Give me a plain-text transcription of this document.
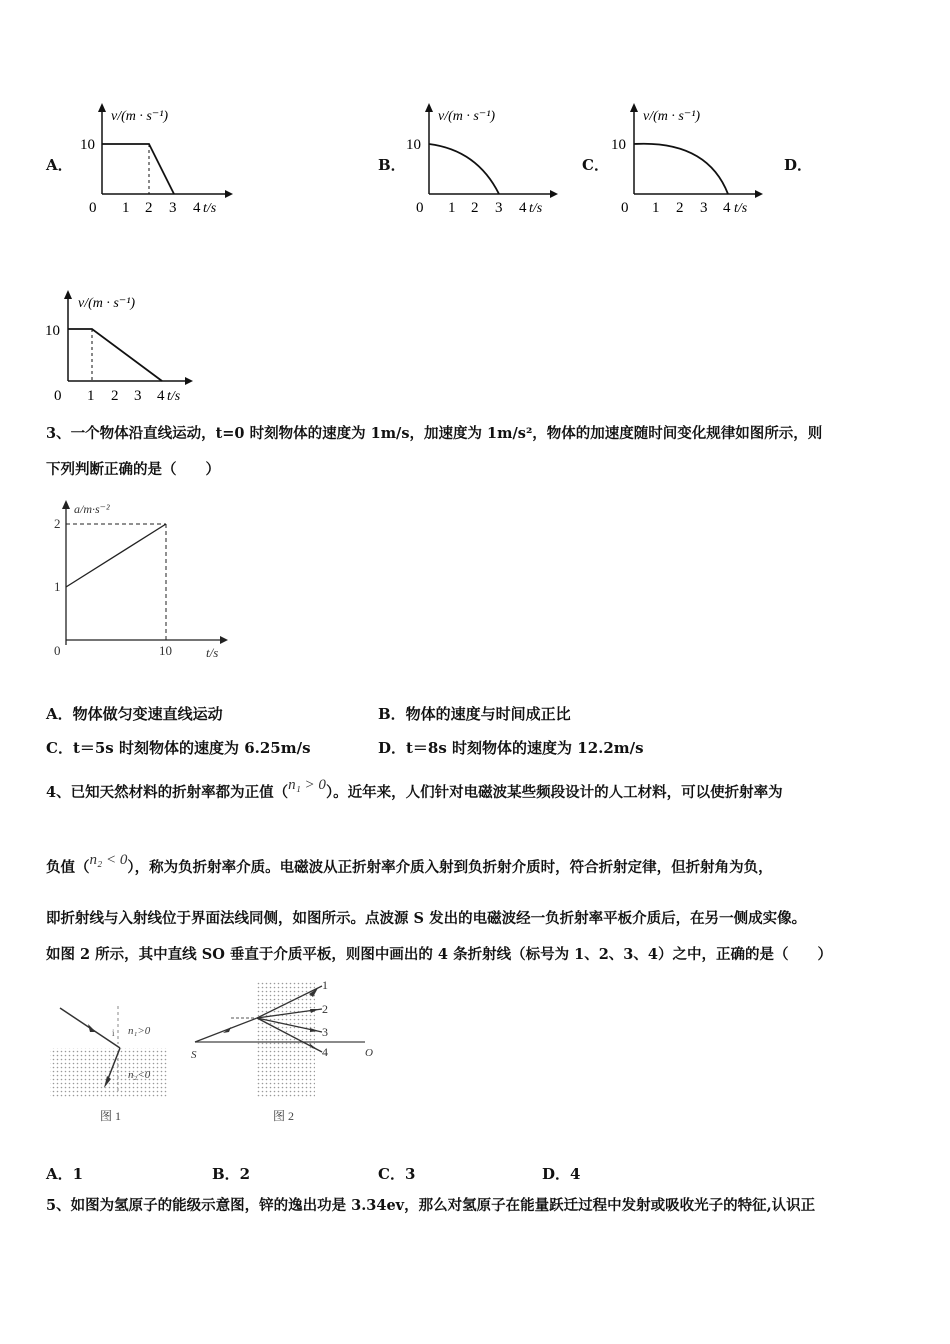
A．	B．	C．	D．
v/(m · s⁻¹)
10
0 1 2 3 4 t/s
v/(m · s⁻¹)
10
0 1 2 3 4 t/s
v/(m · s⁻¹)
10
0 1 2 3 4 t/s
v/(m · s⁻¹)
10
0 1 2 3 4 t/s
3、一个物体沿直线运动，t=0 时刻物体的速度为 1m/s，加速度为 1m/s²，物体的加速度随时间变化规律如图所示，则
下列判断正确的是（　　）
a/m·s⁻²
1
2
0	10	t/s
A．物体做匀变速直线运动	B．物体的速度与时间成正比
C．t＝5s 时刻物体的速度为 6.25m/s	D．t＝8s 时刻物体的速度为 12.2m/s
4、已知天然材料的折射率都为正值（n₁ > 0）。近年来，人们针对电磁波某些频段设计的人工材料，可以使折射率为
负值（n₂ < 0），称为负折射率介质。电磁波从正折射率介质入射到负折射介质时，符合折射定律，但折射角为负，
即折射线与入射线位于界面法线同侧，如图所示。点波源 S 发出的电磁波经一负折射率平板介质后，在另一侧成实像。
如图 2 所示，其中直线 SO 垂直于介质平板，则图中画出的 4 条折射线（标号为 1、2、3、4）之中，正确的是（　　）
i n₁>0
n₂<0
图 1
S	O
1
2
3
4
图 2
A．1	B．2	C．3	D．4
5、如图为氢原子的能级示意图，锌的逸出功是 3.34ev，那么对氢原子在能量跃迁过程中发射或吸收光子的特征,认识正
